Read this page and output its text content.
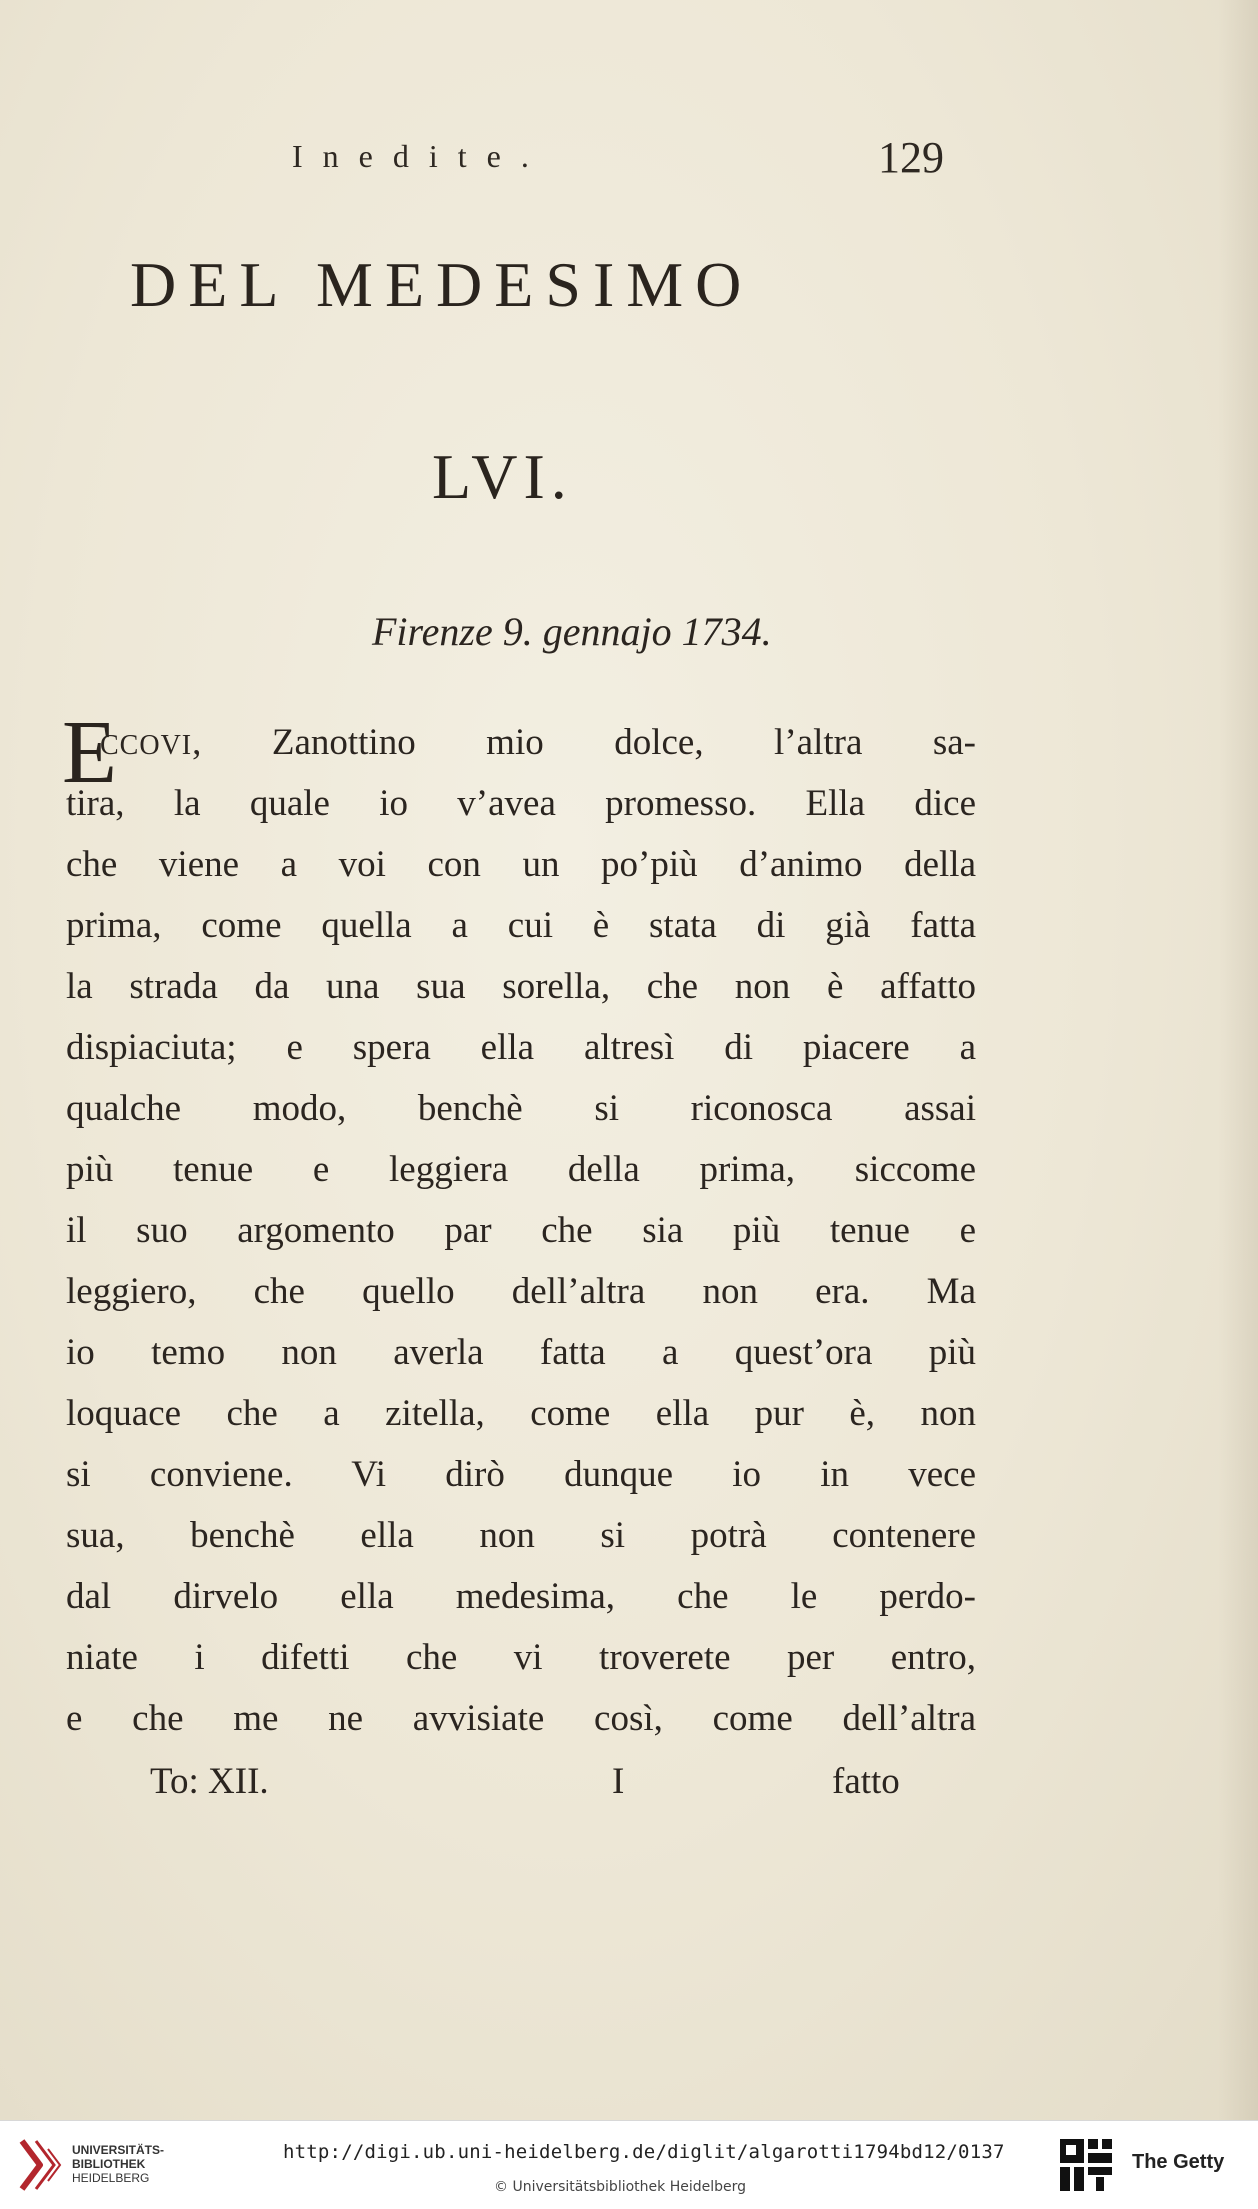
Inedite.	129
DEL MEDESIMO
LVI.
Firenze 9. gennajo 1734.
E
CCOVI, Zanottino mio dolce, l’altra sa-
tira, la quale io v’avea promesso. Ella dice
che viene a voi con un po’più d’animo della
prima, come quella a cui è stata di già fatta
la strada da una sua sorella, che non è affatto
dispiaciuta; e spera ella altresì di piacere a
qualche modo, benchè si riconosca assai
più tenue e leggiera della prima, siccome
il suo argomento par che sia più tenue e
leggiero, che quello dell’altra non era. Ma
io temo non averla fatta a quest’ora più
loquace che a zitella, come ella pur è, non
si conviene. Vi dirò dunque io in vece
sua, benchè ella non si potrà contenere
dal dirvelo ella medesima, che le perdo-
niate i difetti che vi troverete per entro,
e che me ne avvisiate così, come dell’altra
To: XII.	I	fatto
UNIVERSITÄTS-
BIBLIOTHEK
HEIDELBERG
http://digi.ub.uni-heidelberg.de/diglit/algarotti1794bd12/0137
© Universitätsbibliothek Heidelberg
The Getty
